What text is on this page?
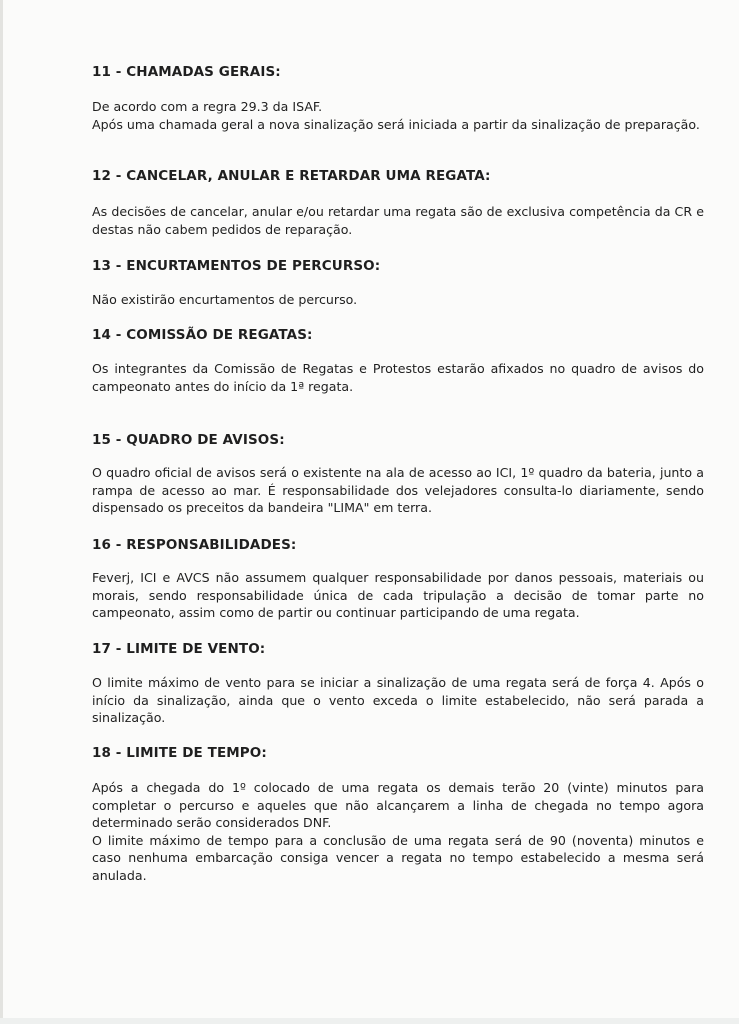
11 - CHAMADAS GERAIS:

De acordo com a regra 29.3 da ISAF.

Após uma chamada geral a nova sinalização será iniciada a partir da sinalização de preparação.

12 - CANCELAR, ANULAR E RETARDAR UMA REGATA:

As decisões de cancelar, anular e/ou retardar uma regata são de exclusiva competência da CR e destas não cabem pedidos de reparação.

13 - ENCURTAMENTOS DE PERCURSO:

Não existirão encurtamentos de percurso.

14 - COMISSÃO DE REGATAS:

Os integrantes da Comissão de Regatas e Protestos estarão afixados no quadro de avisos do campeonato antes do início da 1ª regata.

15 - QUADRO DE AVISOS:

O quadro oficial de avisos será o existente na ala de acesso ao ICI, 1º quadro da bateria, junto a rampa de acesso ao mar. É responsabilidade dos velejadores consulta-lo diariamente, sendo dispensado os preceitos da bandeira "LIMA" em terra.

16 - RESPONSABILIDADES:

Feverj, ICI e AVCS não assumem qualquer responsabilidade por danos pessoais, materiais ou morais, sendo responsabilidade única de cada tripulação a decisão de tomar parte no campeonato, assim como de partir ou continuar participando de uma regata.

17 - LIMITE DE VENTO:

O limite máximo de vento para se iniciar a sinalização de uma regata será de força 4. Após o início da sinalização, ainda que o vento exceda o limite estabelecido, não será parada a sinalização.

18 - LIMITE DE TEMPO:

Após a chegada do 1º colocado de uma regata os demais terão 20 (vinte) minutos para completar o percurso e aqueles que não alcançarem a linha de chegada no tempo agora determinado serão considerados DNF.

O limite máximo de tempo para a conclusão de uma regata será de 90 (noventa) minutos e caso nenhuma embarcação consiga vencer a regata no tempo estabelecido a mesma será anulada.
